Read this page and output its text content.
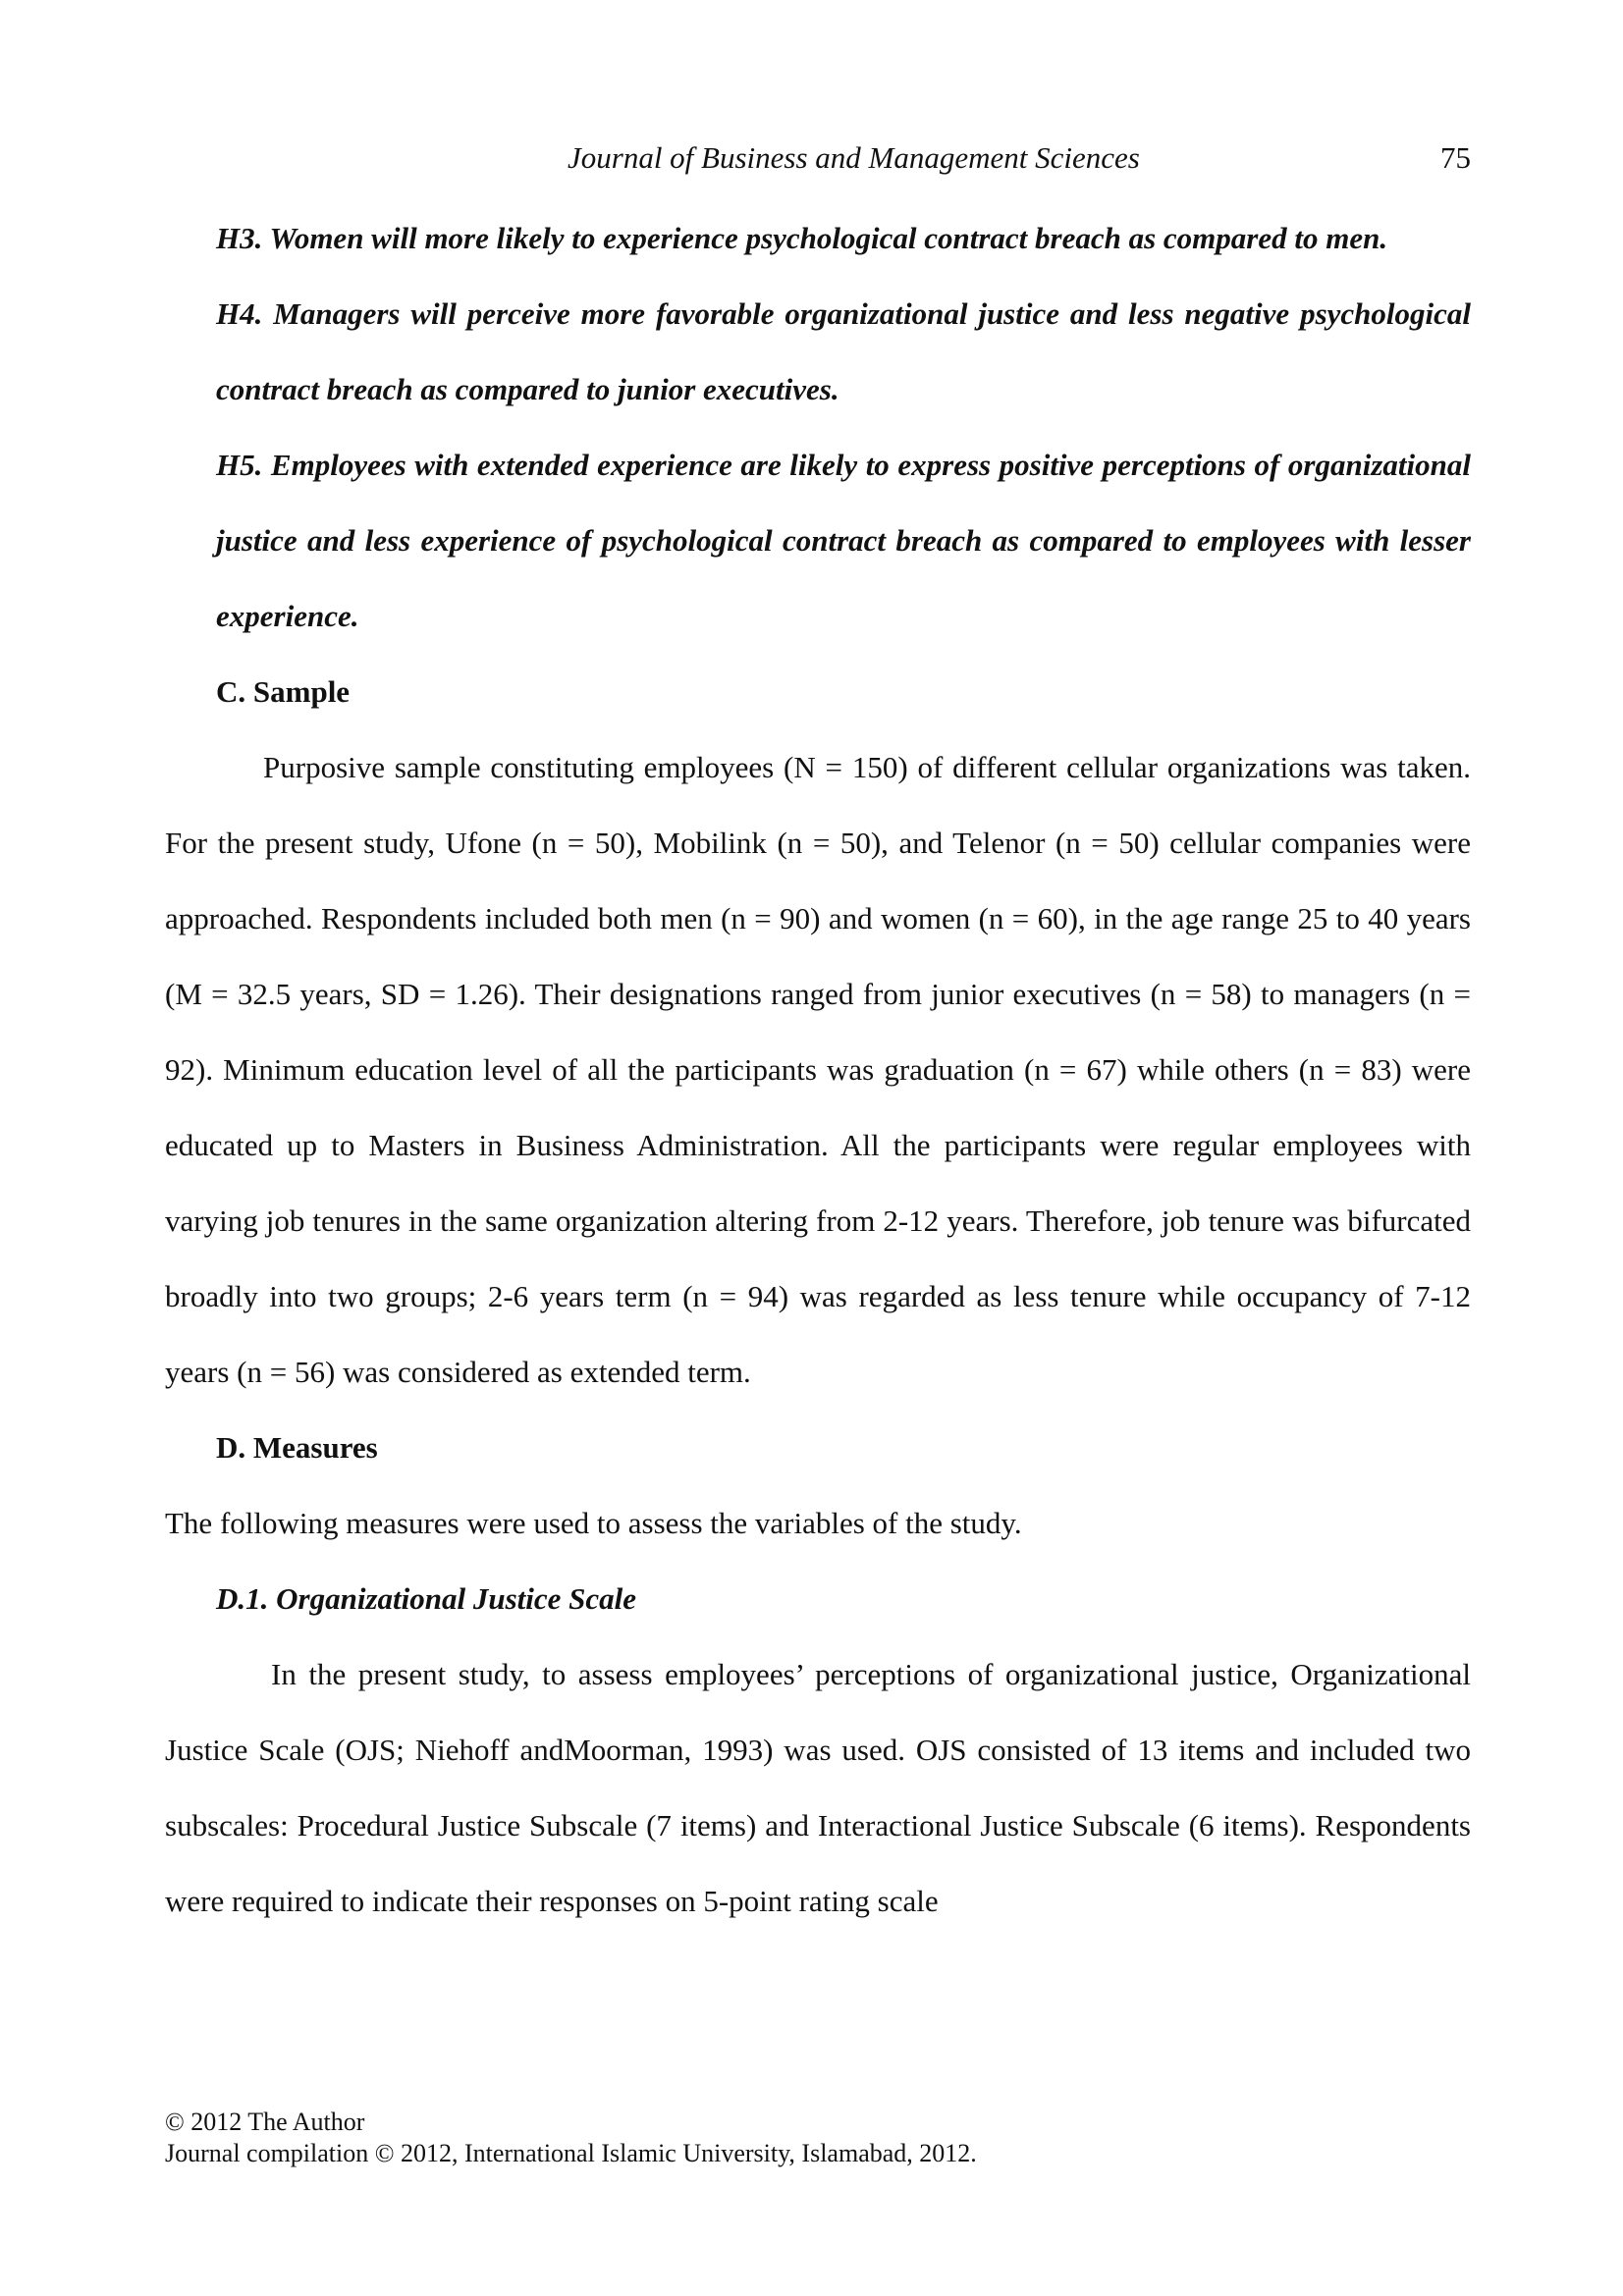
Journal of Business and Management Sciences	75

H3. Women will more likely to experience psychological contract breach as compared to men.

H4. Managers will perceive more favorable organizational justice and less negative psychological contract breach as compared to junior executives.

H5. Employees with extended experience are likely to express positive perceptions of organizational justice and less experience of psychological contract breach as compared to employees with lesser experience.

C. Sample

Purposive sample constituting employees (N = 150) of different cellular organizations was taken. For the present study, Ufone (n = 50), Mobilink (n = 50), and Telenor (n = 50) cellular companies were approached. Respondents included both men (n = 90) and women (n = 60), in the age range 25 to 40 years (M = 32.5 years, SD = 1.26). Their designations ranged from junior executives (n = 58) to managers (n = 92). Minimum education level of all the participants was graduation (n = 67) while others (n = 83) were educated up to Masters in Business Administration. All the participants were regular employees with varying job tenures in the same organization altering from 2-12 years. Therefore, job tenure was bifurcated broadly into two groups; 2-6 years term (n = 94) was regarded as less tenure while occupancy of 7-12 years (n = 56) was considered as extended term.

D. Measures

The following measures were used to assess the variables of the study.

D.1. Organizational Justice Scale

In the present study, to assess employees’ perceptions of organizational justice, Organizational Justice Scale (OJS; Niehoff andMoorman, 1993) was used. OJS consisted of 13 items and included two subscales: Procedural Justice Subscale (7 items) and Interactional Justice Subscale (6 items). Respondents were required to indicate their responses on 5-point rating scale

© 2012 The Author
Journal compilation © 2012, International Islamic University, Islamabad, 2012.
